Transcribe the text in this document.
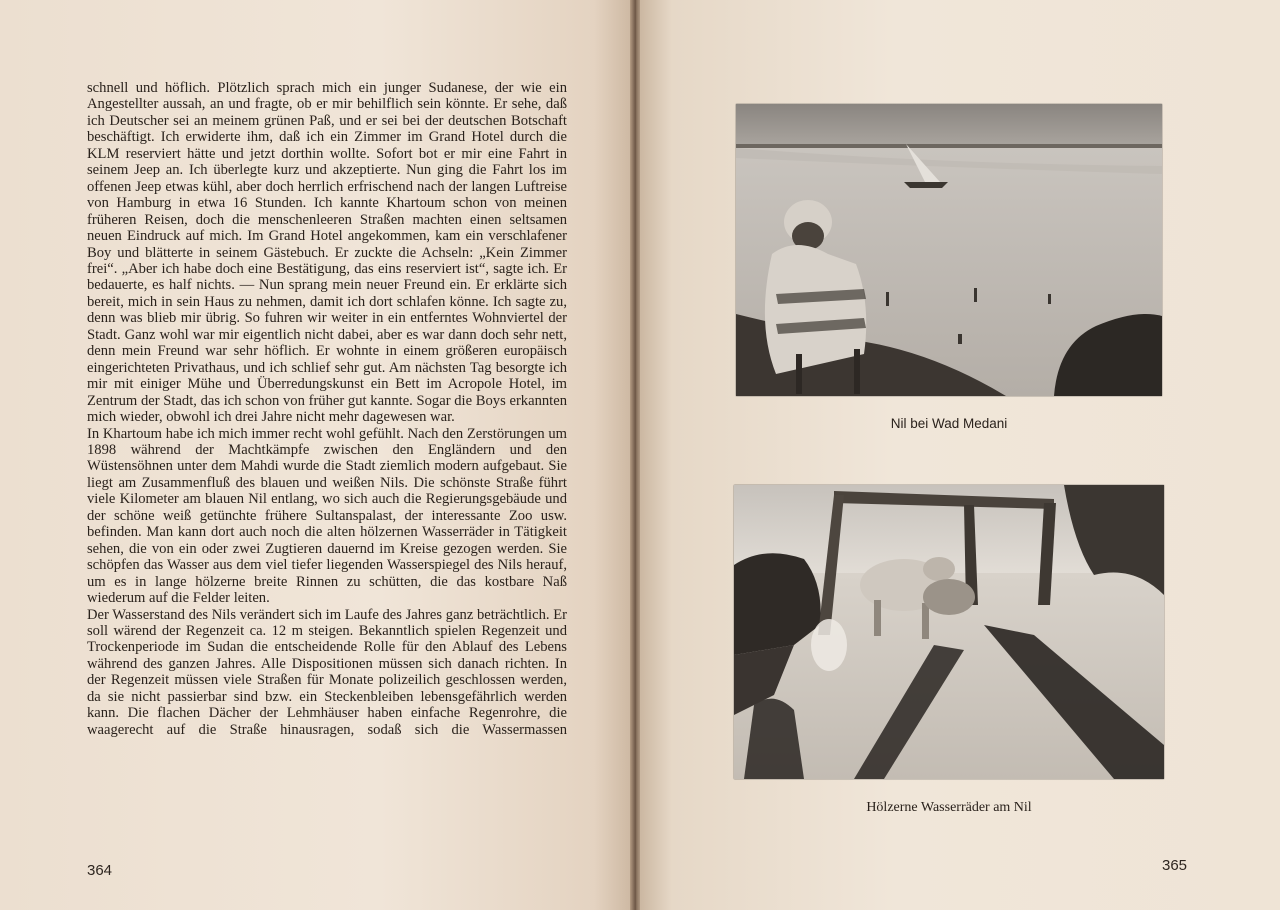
schnell und höflich. Plötzlich sprach mich ein junger Sudanese, der wie ein Angestellter aussah, an und fragte, ob er mir behilflich sein könnte. Er sehe, daß ich Deutscher sei an meinem grünen Paß, und er sei bei der deutschen Botschaft beschäftigt. Ich erwiderte ihm, daß ich ein Zimmer im Grand Hotel durch die KLM reserviert hätte und jetzt dorthin wollte. Sofort bot er mir eine Fahrt in seinem Jeep an. Ich überlegte kurz und akzeptierte. Nun ging die Fahrt los im offenen Jeep etwas kühl, aber doch herrlich erfrischend nach der langen Luftreise von Hamburg in etwa 16 Stunden. Ich kannte Khartoum schon von meinen früheren Reisen, doch die menschenleeren Straßen machten einen seltsamen neuen Eindruck auf mich. Im Grand Hotel angekommen, kam ein verschlafener Boy und blätterte in seinem Gästebuch. Er zuckte die Achseln: „Kein Zimmer frei“. „Aber ich habe doch eine Bestätigung, das eins reserviert ist“, sagte ich. Er bedauerte, es half nichts. — Nun sprang mein neuer Freund ein. Er erklärte sich bereit, mich in sein Haus zu nehmen, damit ich dort schlafen könne. Ich sagte zu, denn was blieb mir übrig. So fuhren wir weiter in ein entferntes Wohnviertel der Stadt. Ganz wohl war mir eigentlich nicht dabei, aber es war dann doch sehr nett, denn mein Freund war sehr höflich. Er wohnte in einem größeren europäisch eingerichteten Privathaus, und ich schlief sehr gut. Am nächsten Tag besorgte ich mir mit einiger Mühe und Überredungskunst ein Bett im Acropole Hotel, im Zentrum der Stadt, das ich schon von früher gut kannte. Sogar die Boys erkannten mich wieder, obwohl ich drei Jahre nicht mehr dagewesen war.

In Khartoum habe ich mich immer recht wohl gefühlt. Nach den Zerstörungen um 1898 während der Machtkämpfe zwischen den Engländern und den Wüstensöhnen unter dem Mahdi wurde die Stadt ziemlich modern aufgebaut. Sie liegt am Zusammenfluß des blauen und weißen Nils. Die schönste Straße führt viele Kilometer am blauen Nil entlang, wo sich auch die Regierungsgebäude und der schöne weiß getünchte frühere Sultanspalast, der interessante Zoo usw. befinden. Man kann dort auch noch die alten hölzernen Wasserräder in Tätigkeit sehen, die von ein oder zwei Zugtieren dauernd im Kreise gezogen werden. Sie schöpfen das Wasser aus dem viel tiefer liegenden Wasserspiegel des Nils herauf, um es in lange hölzerne breite Rinnen zu schütten, die das kostbare Naß wiederum auf die Felder leiten.

Der Wasserstand des Nils verändert sich im Laufe des Jahres ganz beträchtlich. Er soll wärend der Regenzeit ca. 12 m steigen. Bekanntlich spielen Regenzeit und Trockenperiode im Sudan die entscheidende Rolle für den Ablauf des Lebens während des ganzen Jahres. Alle Dispositionen müssen sich danach richten. In der Regenzeit müssen viele Straßen für Monate polizeilich geschlossen werden, da sie nicht passierbar sind bzw. ein Steckenbleiben lebensgefährlich werden kann. Die flachen Dächer der Lehmhäuser haben einfache Regenrohre, die waagerecht auf die Straße hinausragen, sodaß sich die Wassermassen

364
Nil bei Wad Medani
Hölzerne Wasserräder am Nil
365
